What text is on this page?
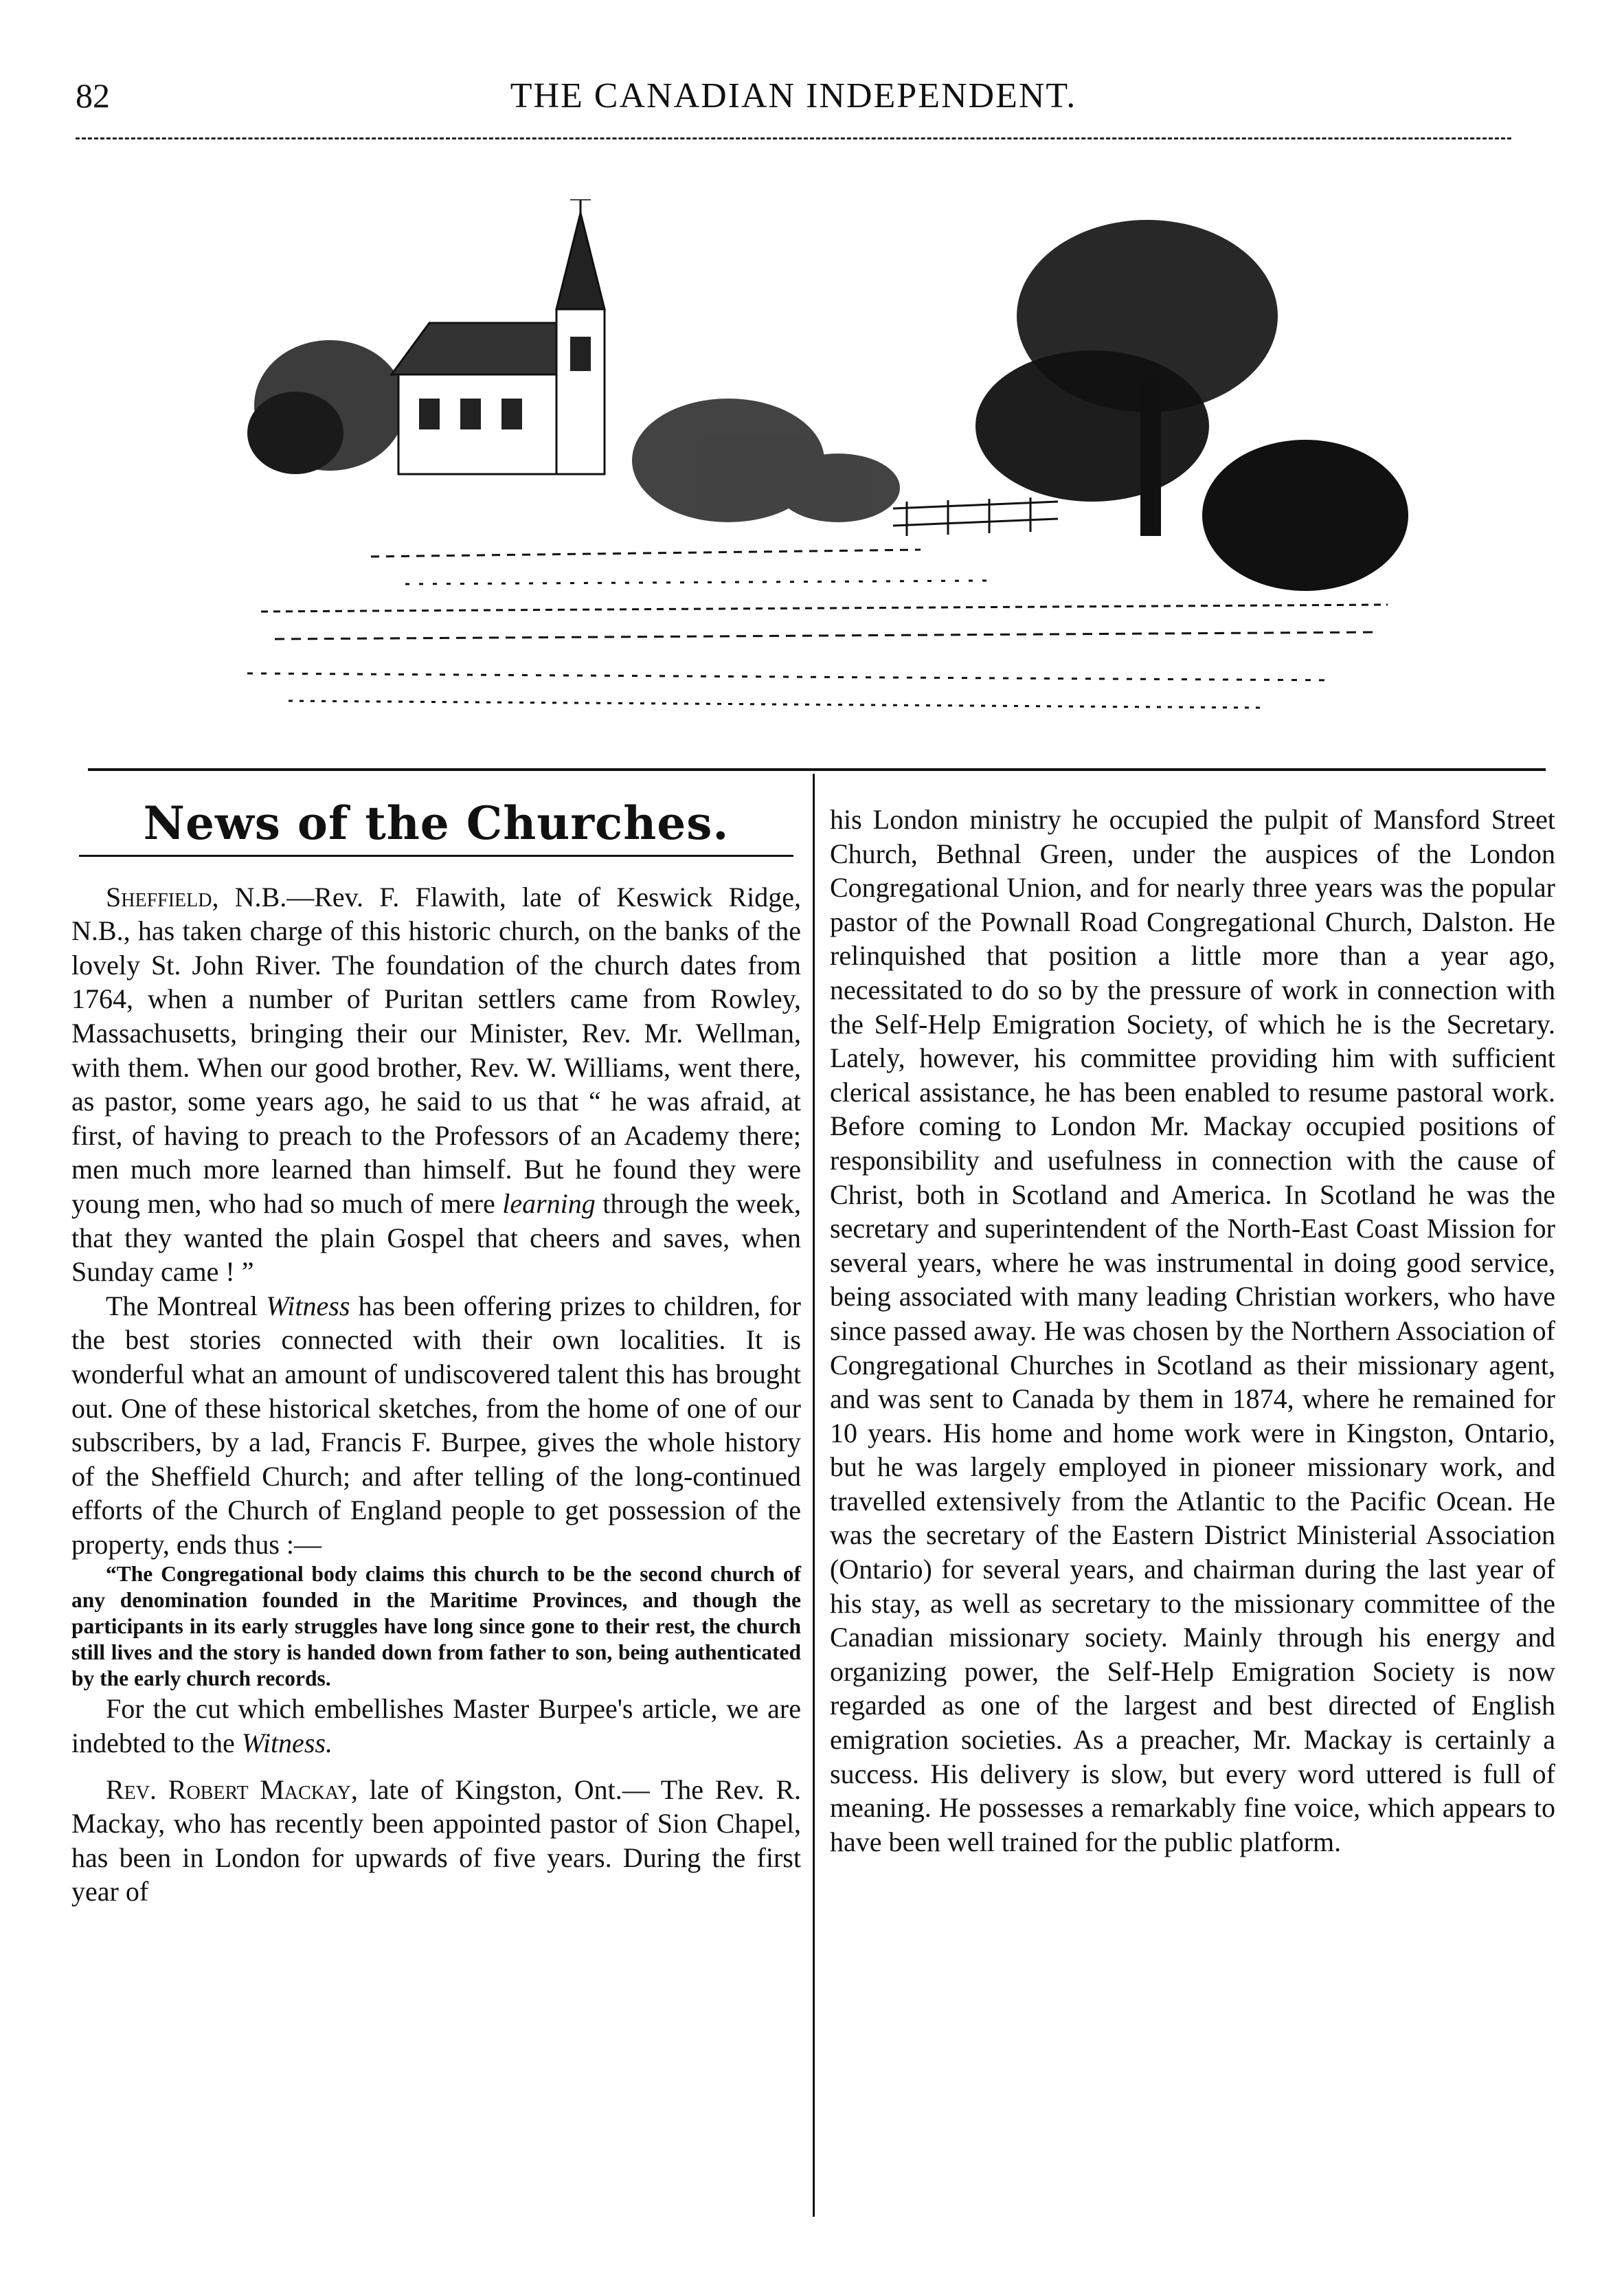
82	THE CANADIAN INDEPENDENT.
News of the Churches.

Sheffield, N.B.—Rev. F. Flawith, late of Keswick Ridge, N.B., has taken charge of this historic church, on the banks of the lovely St. John River. The foundation of the church dates from 1764, when a number of Puritan settlers came from Rowley, Massachusetts, bringing their our Minister, Rev. Mr. Wellman, with them. When our good brother, Rev. W. Williams, went there, as pastor, some years ago, he said to us that “ he was afraid, at first, of having to preach to the Professors of an Academy there; men much more learned than himself. But he found they were young men, who had so much of mere learning through the week, that they wanted the plain Gospel that cheers and saves, when Sunday came ! ”

The Montreal Witness has been offering prizes to children, for the best stories connected with their own localities. It is wonderful what an amount of undiscovered talent this has brought out. One of these historical sketches, from the home of one of our subscribers, by a lad, Francis F. Burpee, gives the whole history of the Sheffield Church; and after telling of the long-continued efforts of the Church of England people to get possession of the property, ends thus :—

“The Congregational body claims this church to be the second church of any denomination founded in the Maritime Provinces, and though the participants in its early struggles have long since gone to their rest, the church still lives and the story is handed down from father to son, being authenticated by the early church records.

For the cut which embellishes Master Burpee's article, we are indebted to the Witness.

Rev. Robert Mackay, late of Kingston, Ont.— The Rev. R. Mackay, who has recently been appointed pastor of Sion Chapel, has been in London for upwards of five years. During the first year of

his London ministry he occupied the pulpit of Mansford Street Church, Bethnal Green, under the auspices of the London Congregational Union, and for nearly three years was the popular pastor of the Pownall Road Congregational Church, Dalston. He relinquished that position a little more than a year ago, necessitated to do so by the pressure of work in connection with the Self-Help Emigration Society, of which he is the Secretary. Lately, however, his committee providing him with sufficient clerical assistance, he has been enabled to resume pastoral work. Before coming to London Mr. Mackay occupied positions of responsibility and usefulness in connection with the cause of Christ, both in Scotland and America. In Scotland he was the secretary and superintendent of the North-East Coast Mission for several years, where he was instrumental in doing good service, being associated with many leading Christian workers, who have since passed away. He was chosen by the Northern Association of Congregational Churches in Scotland as their missionary agent, and was sent to Canada by them in 1874, where he remained for 10 years. His home and home work were in Kingston, Ontario, but he was largely employed in pioneer missionary work, and travelled extensively from the Atlantic to the Pacific Ocean. He was the secretary of the Eastern District Ministerial Association (Ontario) for several years, and chairman during the last year of his stay, as well as secretary to the missionary committee of the Canadian missionary society. Mainly through his energy and organizing power, the Self-Help Emigration Society is now regarded as one of the largest and best directed of English emigration societies. As a preacher, Mr. Mackay is certainly a success. His delivery is slow, but every word uttered is full of meaning. He possesses a remarkably fine voice, which appears to have been well trained for the public platform.
